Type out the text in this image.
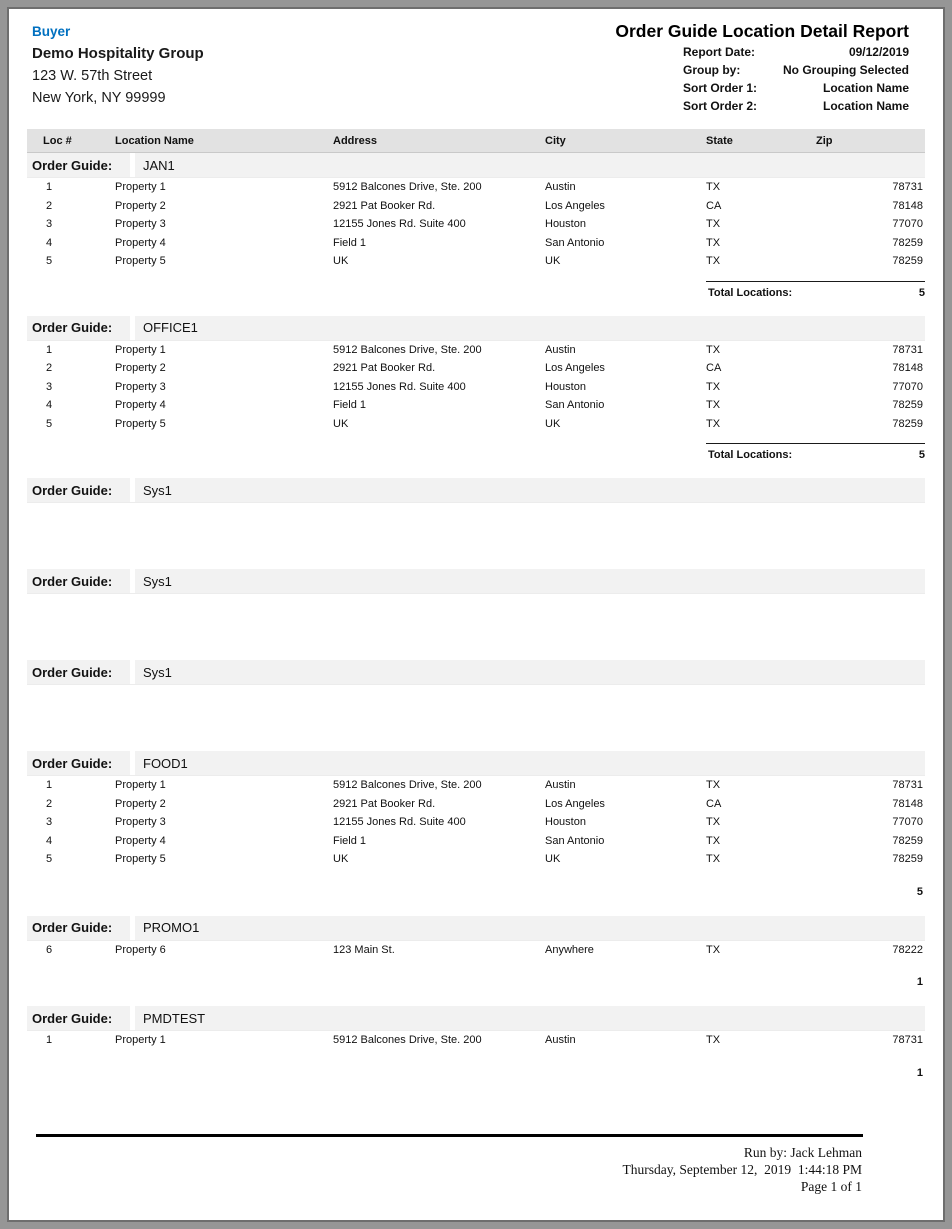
Buyer
Demo Hospitality Group
123 W. 57th Street
New York, NY 99999
Order Guide Location Detail Report
Report Date:	09/12/2019
Group by:	No Grouping Selected
Sort Order 1:	Location Name
Sort Order 2:	Location Name
Loc #	Location Name	Address	City	State	Zip
Order Guide:	JAN1
1	Property 1	5912 Balcones Drive, Ste. 200	Austin	TX	78731
2	Property 2	2921 Pat Booker Rd.	Los Angeles	CA	78148
3	Property 3	12155 Jones Rd. Suite 400	Houston	TX	77070
4	Property 4	Field 1	San Antonio	TX	78259
5	Property 5	UK	UK	TX	78259
Total Locations:	5
Order Guide:	OFFICE1
1	Property 1	5912 Balcones Drive, Ste. 200	Austin	TX	78731
2	Property 2	2921 Pat Booker Rd.	Los Angeles	CA	78148
3	Property 3	12155 Jones Rd. Suite 400	Houston	TX	77070
4	Property 4	Field 1	San Antonio	TX	78259
5	Property 5	UK	UK	TX	78259
Total Locations:	5
Order Guide:	Sys1
Order Guide:	Sys1
Order Guide:	Sys1
Order Guide:	FOOD1
1	Property 1	5912 Balcones Drive, Ste. 200	Austin	TX	78731
2	Property 2	2921 Pat Booker Rd.	Los Angeles	CA	78148
3	Property 3	12155 Jones Rd. Suite 400	Houston	TX	77070
4	Property 4	Field 1	San Antonio	TX	78259
5	Property 5	UK	UK	TX	78259
5
Order Guide:	PROMO1
6	Property 6	123 Main St.	Anywhere	TX	78222
1
Order Guide:	PMDTEST
1	Property 1	5912 Balcones Drive, Ste. 200	Austin	TX	78731
1
Run by: Jack Lehman
Thursday, September 12,  2019  1:44:18 PM
Page 1 of 1
